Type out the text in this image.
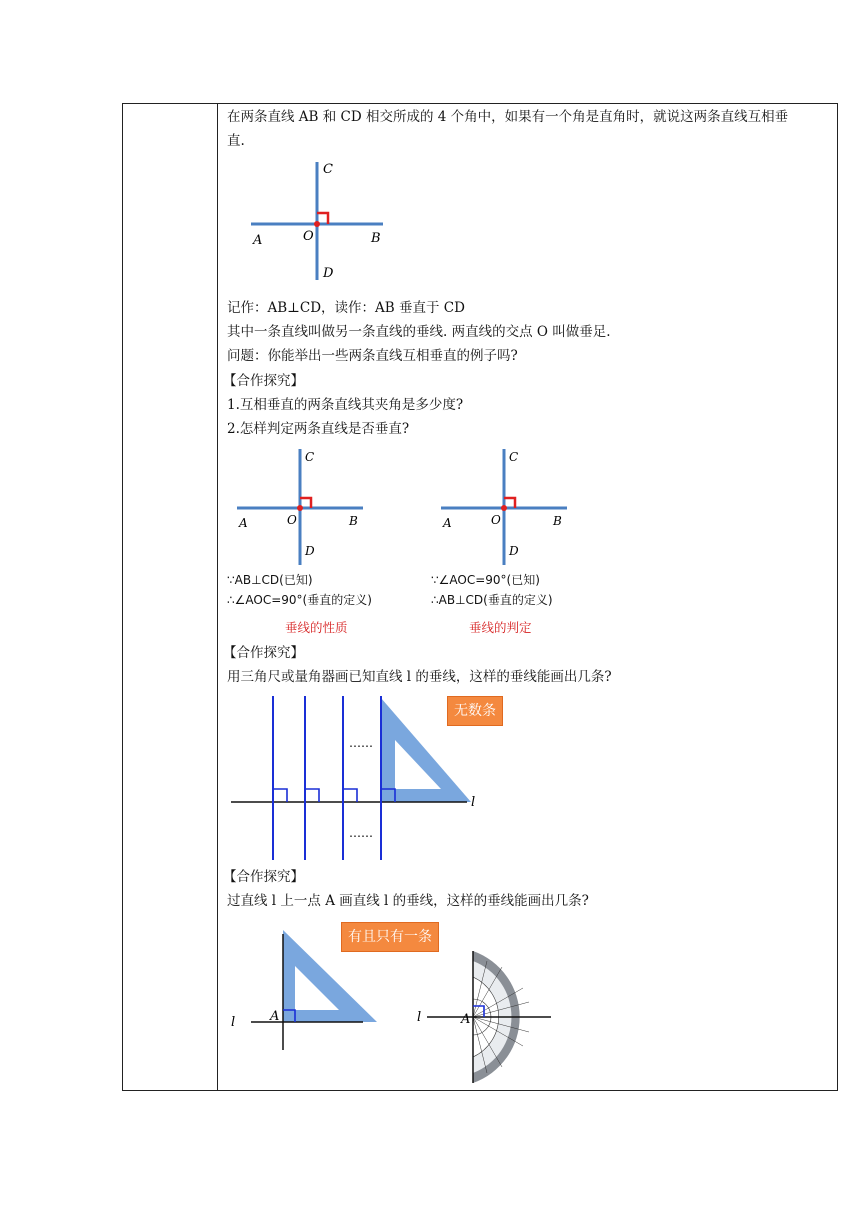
在两条直线 AB 和 CD 相交所成的 4 个角中，如果有一个角是直角时，就说这两条直线互相垂

直.

C
D
A	B
O

记作：AB⊥CD，读作：AB 垂直于 CD

其中一条直线叫做另一条直线的垂线. 两直线的交点 O 叫做垂足.

问题：你能举出一些两条直线互相垂直的例子吗?

【合作探究】

1.互相垂直的两条直线其夹角是多少度?

2.怎样判定两条直线是否垂直?

C
D
A	B
O
C
D
A	B
O
∵AB⊥CD(已知)
∴∠AOC=90°(垂直的定义)
垂线的性质
∵∠AOC=90°(已知)
∴AB⊥CD(垂直的定义)
垂线的判定

【合作探究】

用三角尺或量角器画已知直线 l 的垂线，这样的垂线能画出几条?

……
……
l
无数条

【合作探究】

过直线 l 上一点 A 画直线 l 的垂线，这样的垂线能画出几条?

l	A
有且只有一条
l	A
